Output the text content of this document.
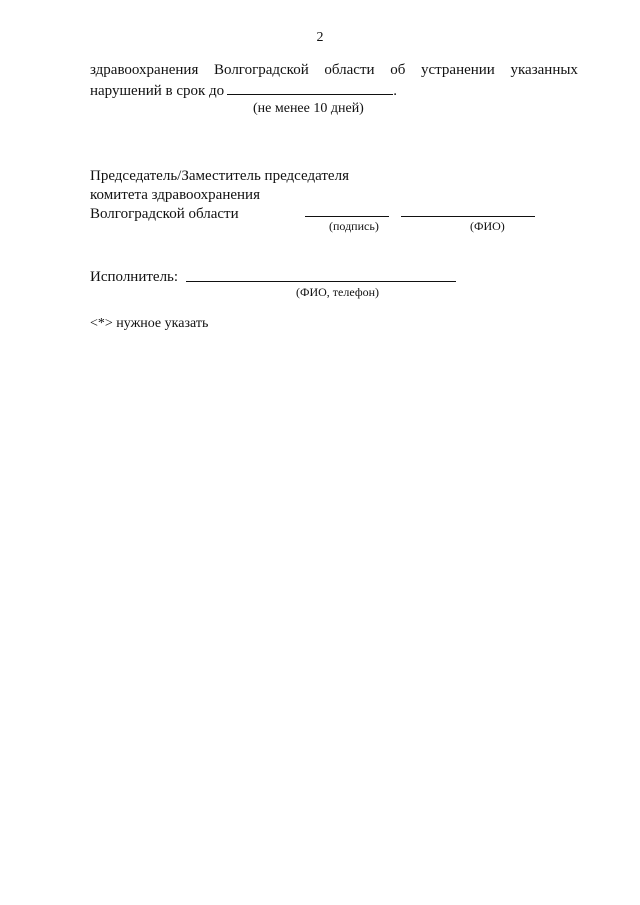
2
здравоохранения Волгоградской области об устранении указанных
нарушений в срок до	.
(не менее 10 дней)
Председатель/Заместитель председателя
комитета здравоохранения
Волгоградской области
(подпись)	(ФИО)
Исполнитель:
(ФИО, телефон)
<*> нужное указать
